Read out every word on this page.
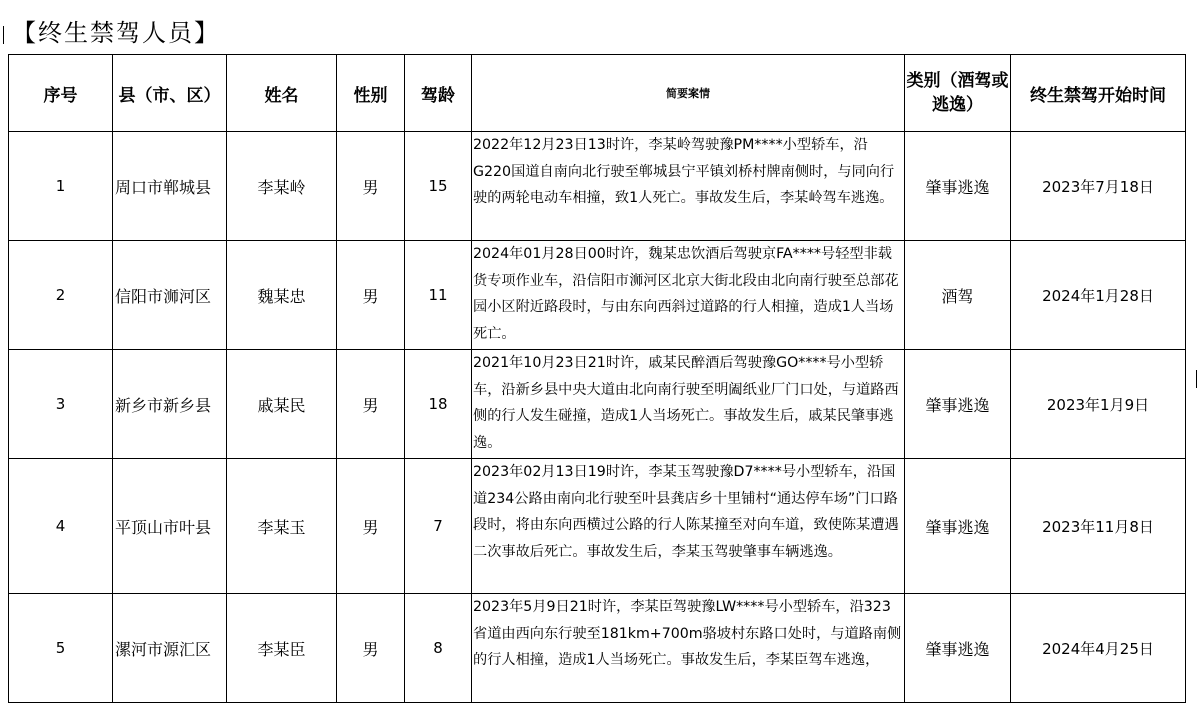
【终生禁驾人员】
序号	县（市、区）	姓名	性别	驾龄	简要案情	类别（酒驾或逃逸）	终生禁驾开始时间
1	周口市郸城县	李某岭	男	15	2022年12月23日13时许，李某岭驾驶豫PM****小型轿车，沿G220国道自南向北行驶至郸城县宁平镇刘桥村牌南侧时，与同向行驶的两轮电动车相撞，致1人死亡。事故发生后，李某岭驾车逃逸。	肇事逃逸	2023年7月18日
2	信阳市浉河区	魏某忠	男	11	2024年01月28日00时许，魏某忠饮酒后驾驶京FA****号轻型非载货专项作业车，沿信阳市浉河区北京大街北段由北向南行驶至总部花园小区附近路段时，与由东向西斜过道路的行人相撞，造成1人当场死亡。	酒驾	2024年1月28日
3	新乡市新乡县	戚某民	男	18	2021年10月23日21时许，戚某民醉酒后驾驶豫GO****号小型轿车，沿新乡县中央大道由北向南行驶至明阖纸业厂门口处，与道路西侧的行人发生碰撞，造成1人当场死亡。事故发生后，戚某民肇事逃逸。	肇事逃逸	2023年1月9日
4	平顶山市叶县	李某玉	男	7	2023年02月13日19时许，李某玉驾驶豫D7****号小型轿车，沿国道234公路由南向北行驶至叶县龚店乡十里铺村“通达停车场”门口路段时，将由东向西横过公路的行人陈某撞至对向车道，致使陈某遭遇二次事故后死亡。事故发生后，李某玉驾驶肇事车辆逃逸。	肇事逃逸	2023年11月8日
5	漯河市源汇区	李某臣	男	8	2023年5月9日21时许，李某臣驾驶豫LW****号小型轿车，沿323省道由西向东行驶至181km+700m骆坡村东路口处时，与道路南侧的行人相撞，造成1人当场死亡。事故发生后，李某臣驾车逃逸，	肇事逃逸	2024年4月25日
